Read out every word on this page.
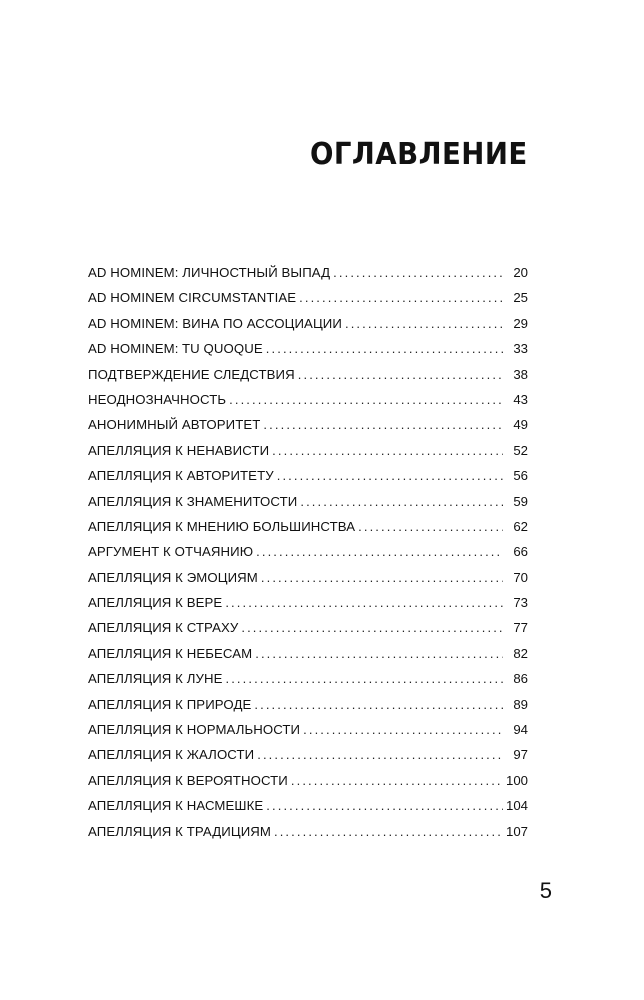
ОГЛАВЛЕНИЕ
AD HOMINEM: ЛИЧНОСТНЫЙ ВЫПАД . . .	20
AD HOMINEM CIRCUMSTANTIAE . . .	25
AD HOMINEM: ВИНА ПО АССОЦИАЦИИ . . .	29
AD HOMINEM: TU QUOQUE . . .	33
ПОДТВЕРЖДЕНИЕ СЛЕДСТВИЯ . . .	38
НЕОДНОЗНАЧНОСТЬ . . .	43
АНОНИМНЫЙ АВТОРИТЕТ . . .	49
АПЕЛЛЯЦИЯ К НЕНАВИСТИ . . .	52
АПЕЛЛЯЦИЯ К АВТОРИТЕТУ . . .	56
АПЕЛЛЯЦИЯ К ЗНАМЕНИТОСТИ . . .	59
АПЕЛЛЯЦИЯ К МНЕНИЮ БОЛЬШИНСТВА . . .	62
АРГУМЕНТ К ОТЧАЯНИЮ . . .	66
АПЕЛЛЯЦИЯ К ЭМОЦИЯМ . . .	70
АПЕЛЛЯЦИЯ К ВЕРЕ . . .	73
АПЕЛЛЯЦИЯ К СТРАХУ . . .	77
АПЕЛЛЯЦИЯ К НЕБЕСАМ . . .	82
АПЕЛЛЯЦИЯ К ЛУНЕ . . .	86
АПЕЛЛЯЦИЯ К ПРИРОДЕ . . .	89
АПЕЛЛЯЦИЯ К НОРМАЛЬНОСТИ . . .	94
АПЕЛЛЯЦИЯ К ЖАЛОСТИ . . .	97
АПЕЛЛЯЦИЯ К ВЕРОЯТНОСТИ . . .	100
АПЕЛЛЯЦИЯ К НАСМЕШКЕ . . .	104
АПЕЛЛЯЦИЯ К ТРАДИЦИЯМ . . .	107

5
